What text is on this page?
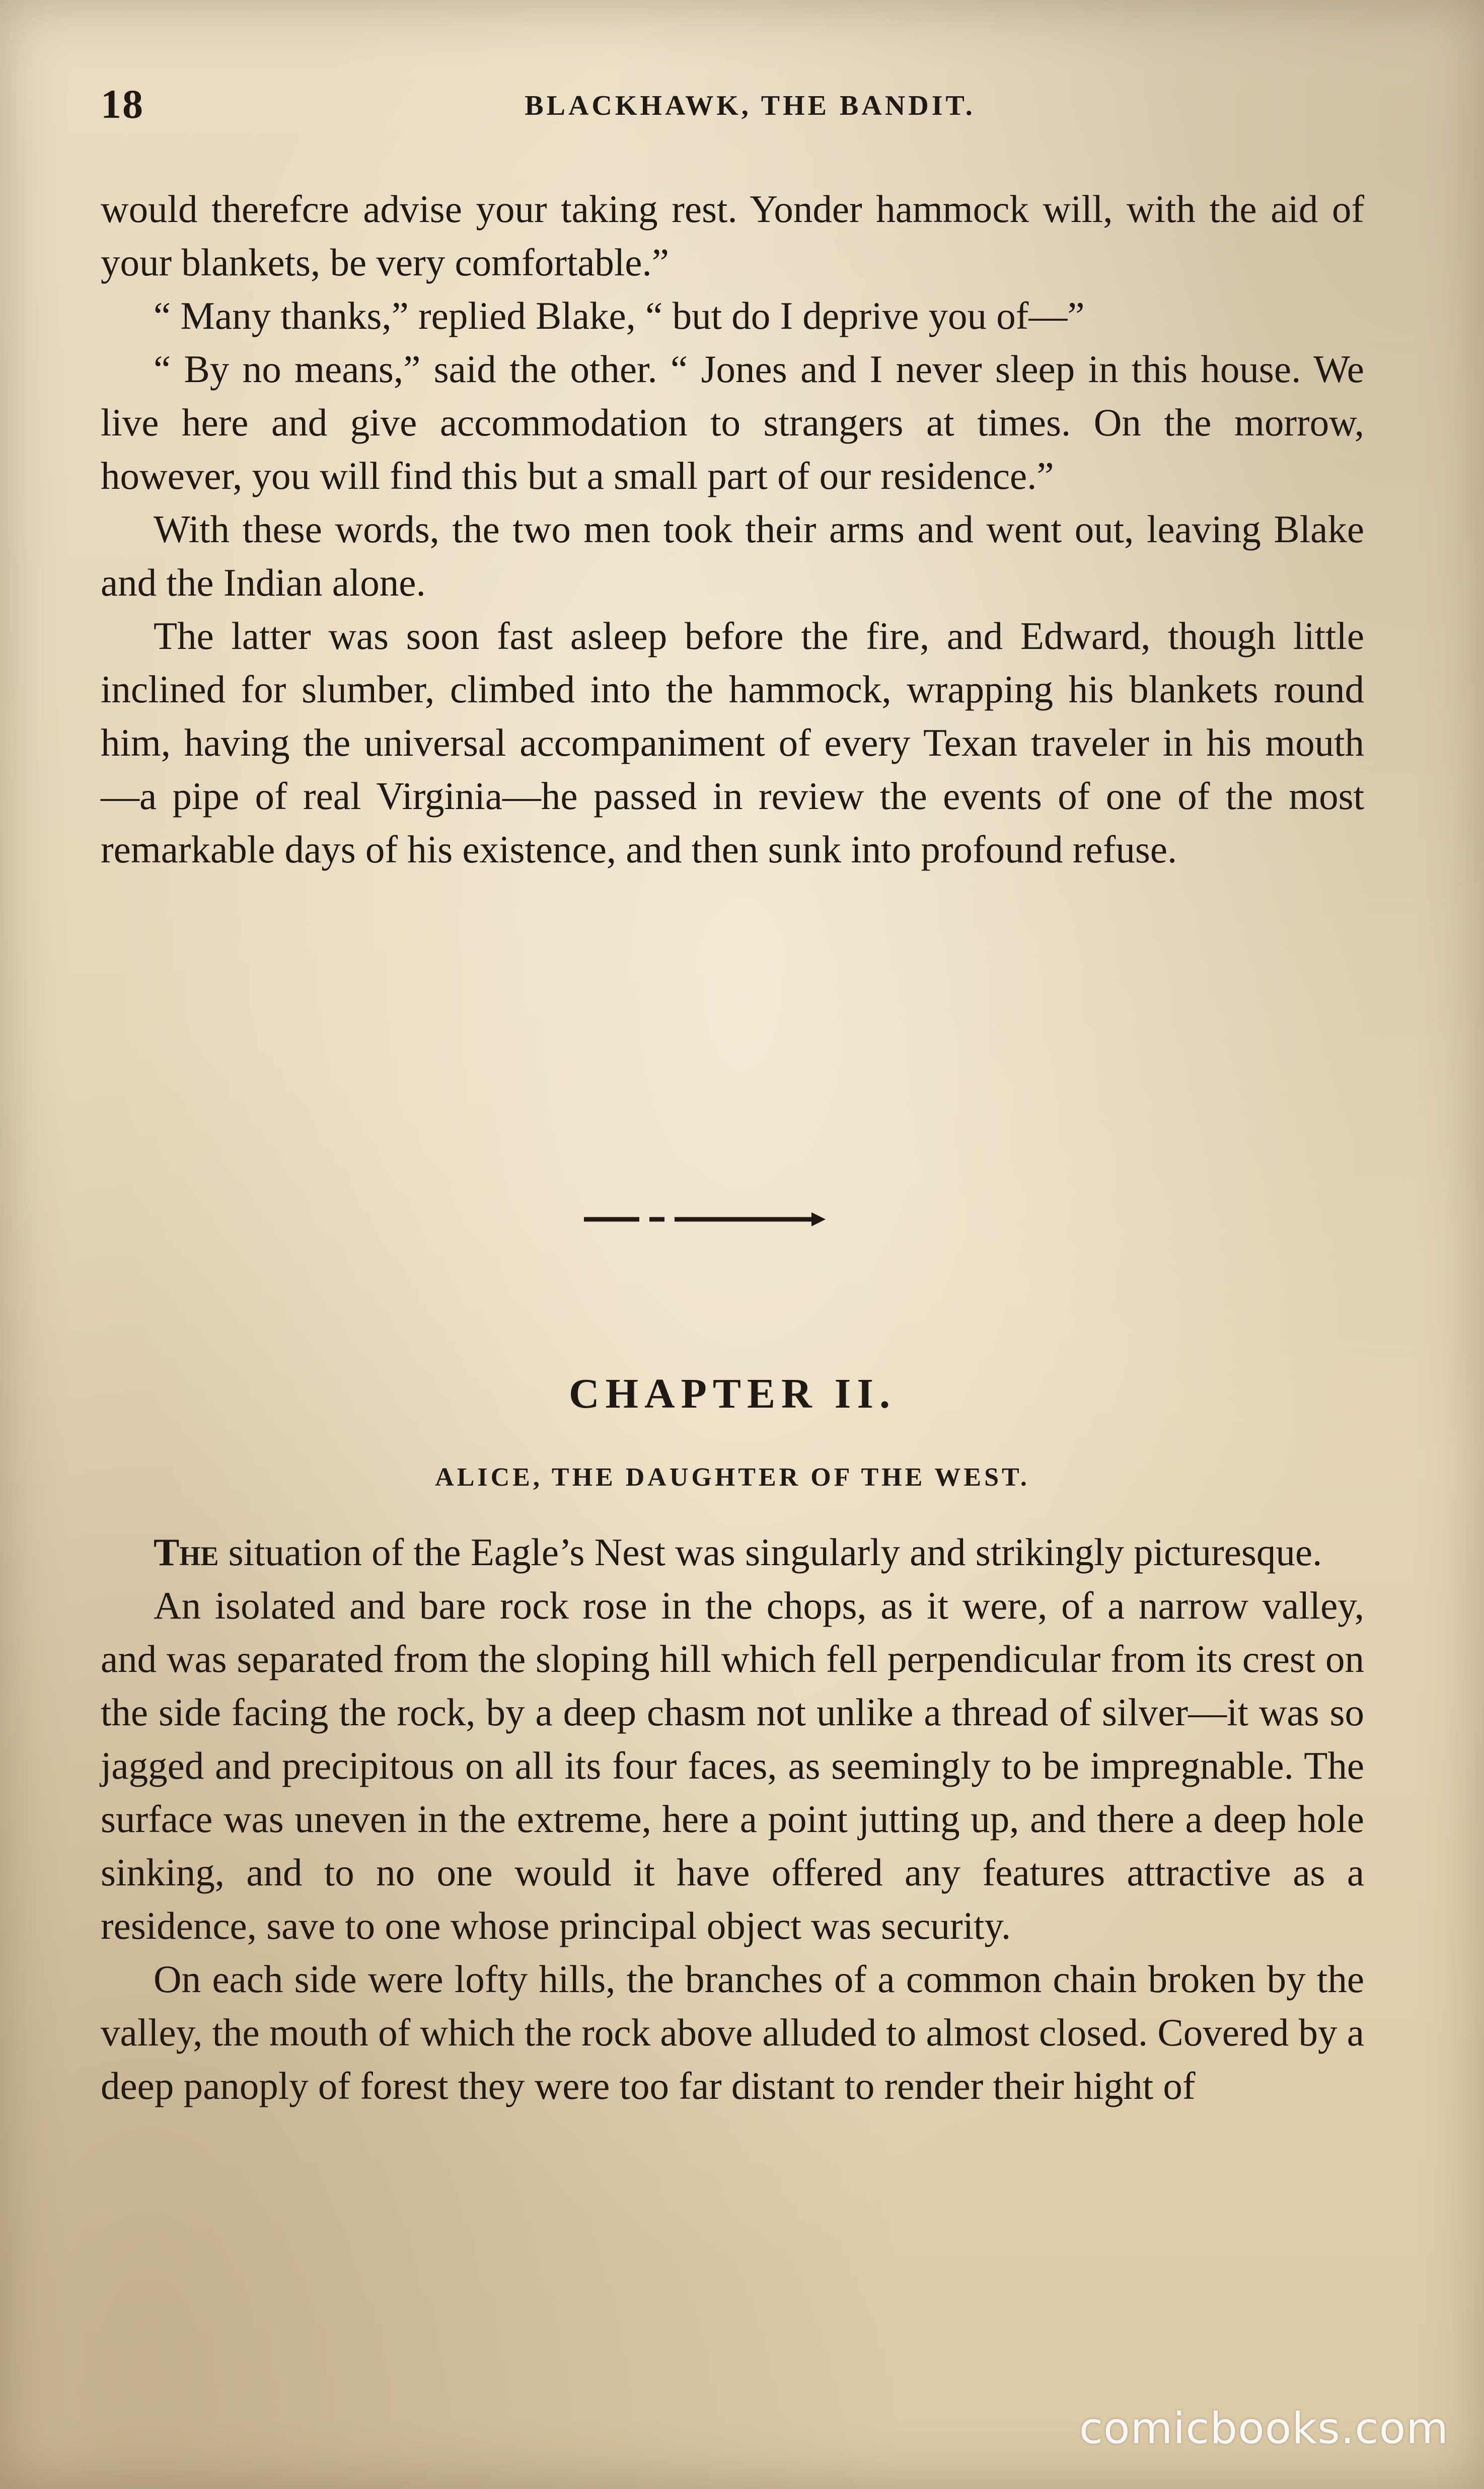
18	BLACKHAWK, THE BANDIT.

would therefcre advise your taking rest. Yonder hammock will, with the aid of your blankets, be very comfortable.”

“ Many thanks,” replied Blake, “ but do I deprive you of—”

“ By no means,” said the other. “ Jones and I never sleep in this house. We live here and give accommodation to strangers at times. On the morrow, however, you will find this but a small part of our residence.”

With these words, the two men took their arms and went out, leaving Blake and the Indian alone.

The latter was soon fast asleep before the fire, and Edward, though little inclined for slumber, climbed into the hammock, wrapping his blankets round him, having the universal accompaniment of every Texan traveler in his mouth —a pipe of real Virginia—he passed in review the events of one of the most remarkable days of his existence, and then sunk into profound refuse.

CHAPTER II.
ALICE, THE DAUGHTER OF THE WEST.

The situation of the Eagle’s Nest was singularly and strikingly picturesque.

An isolated and bare rock rose in the chops, as it were, of a narrow valley, and was separated from the sloping hill which fell perpendicular from its crest on the side facing the rock, by a deep chasm not unlike a thread of silver—it was so jagged and precipitous on all its four faces, as seemingly to be impregnable. The surface was uneven in the extreme, here a point jutting up, and there a deep hole sinking, and to no one would it have offered any features attractive as a residence, save to one whose principal object was security.

On each side were lofty hills, the branches of a common chain broken by the valley, the mouth of which the rock above alluded to almost closed. Covered by a deep panoply of forest they were too far distant to render their hight of

comicbooks.com
